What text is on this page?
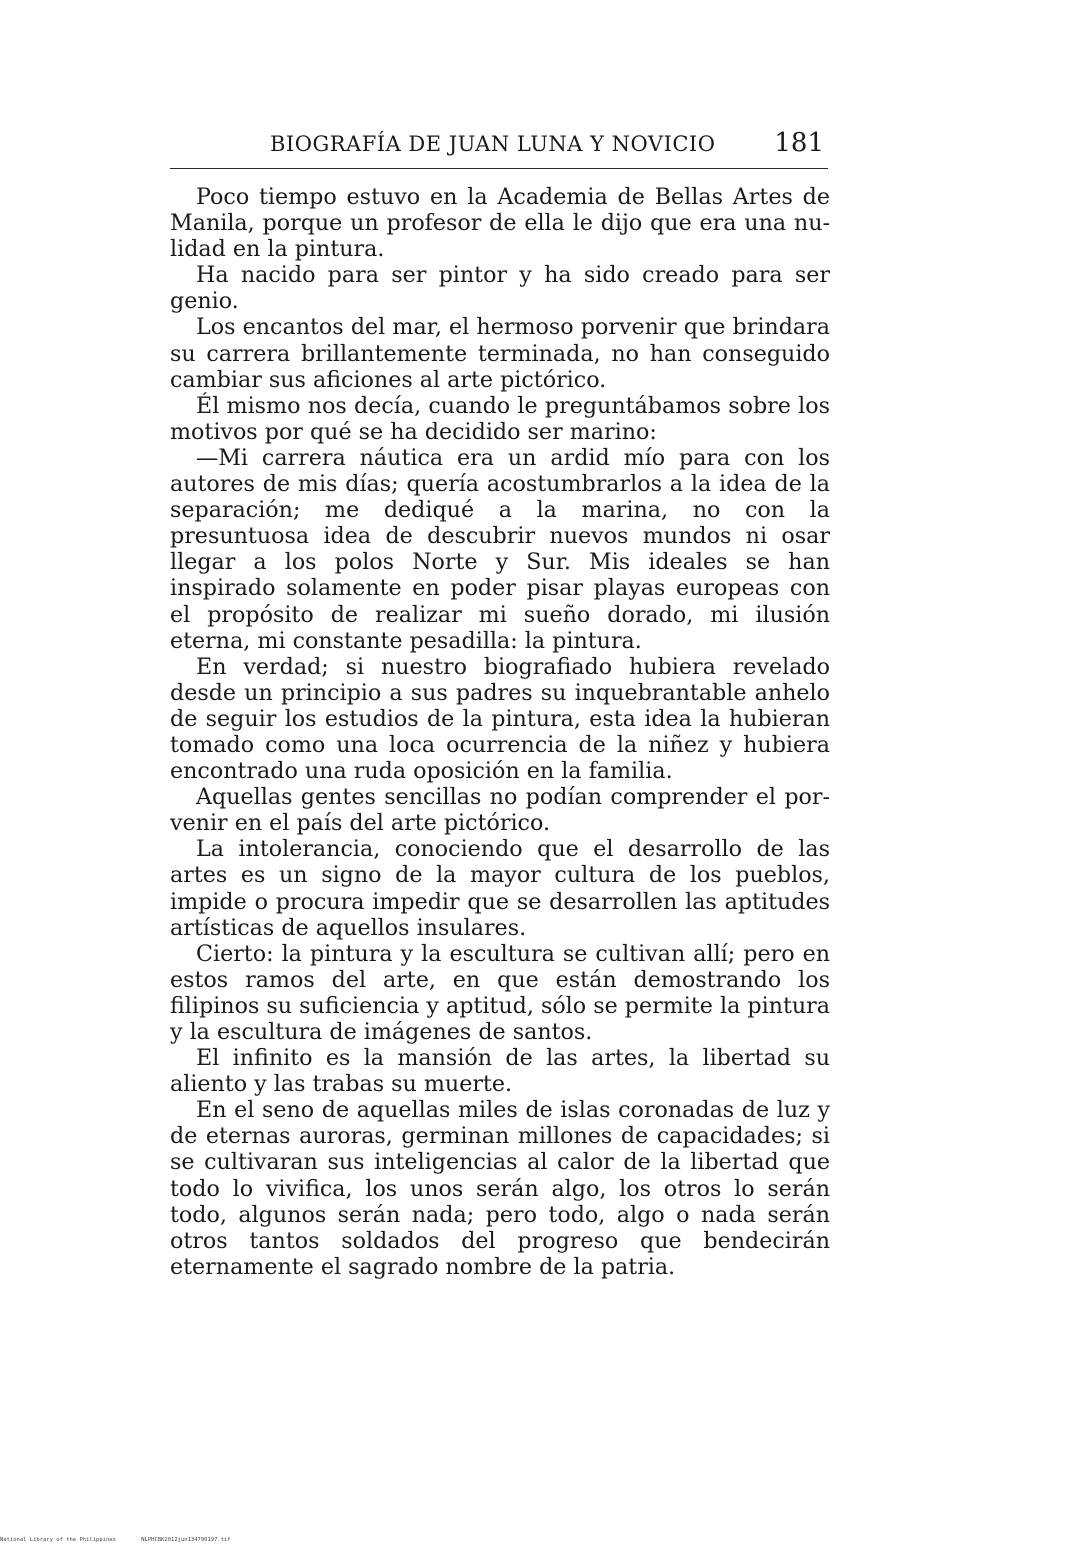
BIOGRAFÍA DE JUAN LUNA Y NOVICIO 181

Poco tiempo estuvo en la Academia de Bellas Artes de Manila, porque un profesor de ella le dijo que era una nulidad en la pintura.

Ha nacido para ser pintor y ha sido creado para ser genio.

Los encantos del mar, el hermoso porvenir que brindara su carrera brillantemente terminada, no han conseguido cambiar sus aficiones al arte pictórico.

Él mismo nos decía, cuando le preguntábamos sobre los motivos por qué se ha decidido ser marino:

—Mi carrera náutica era un ardid mío para con los autores de mis días; quería acostumbrarlos a la idea de la separación; me dediqué a la marina, no con la presuntuosa idea de descubrir nuevos mundos ni osar llegar a los polos Norte y Sur. Mis ideales se han inspirado solamente en poder pisar playas europeas con el propósito de realizar mi sueño dorado, mi ilusión eterna, mi constante pesadilla: la pintura.

En verdad; si nuestro biografiado hubiera revelado desde un principio a sus padres su inquebrantable anhelo de seguir los estudios de la pintura, esta idea la hubieran tomado como una loca ocurrencia de la niñez y hubiera encontrado una ruda oposición en la familia.

Aquellas gentes sencillas no podían comprender el porvenir en el país del arte pictórico.

La intolerancia, conociendo que el desarrollo de las artes es un signo de la mayor cultura de los pueblos, impide o procura impedir que se desarrollen las aptitudes artísticas de aquellos insulares.

Cierto: la pintura y la escultura se cultivan allí; pero en estos ramos del arte, en que están demostrando los filipinos su suficiencia y aptitud, sólo se permite la pintura y la escultura de imágenes de santos.

El infinito es la mansión de las artes, la libertad su aliento y las trabas su muerte.

En el seno de aquellas miles de islas coronadas de luz y de eternas auroras, germinan millones de capacidades; si se cultivaran sus inteligencias al calor de la libertad que todo lo vivifica, los unos serán algo, los otros lo serán todo, algunos serán nada; pero todo, algo o nada serán otros tantos soldados del progreso que bendecirán eternamente el sagrado nombre de la patria.

National Library of the Philippines	NLPHCBK2012jun134790197.tif
